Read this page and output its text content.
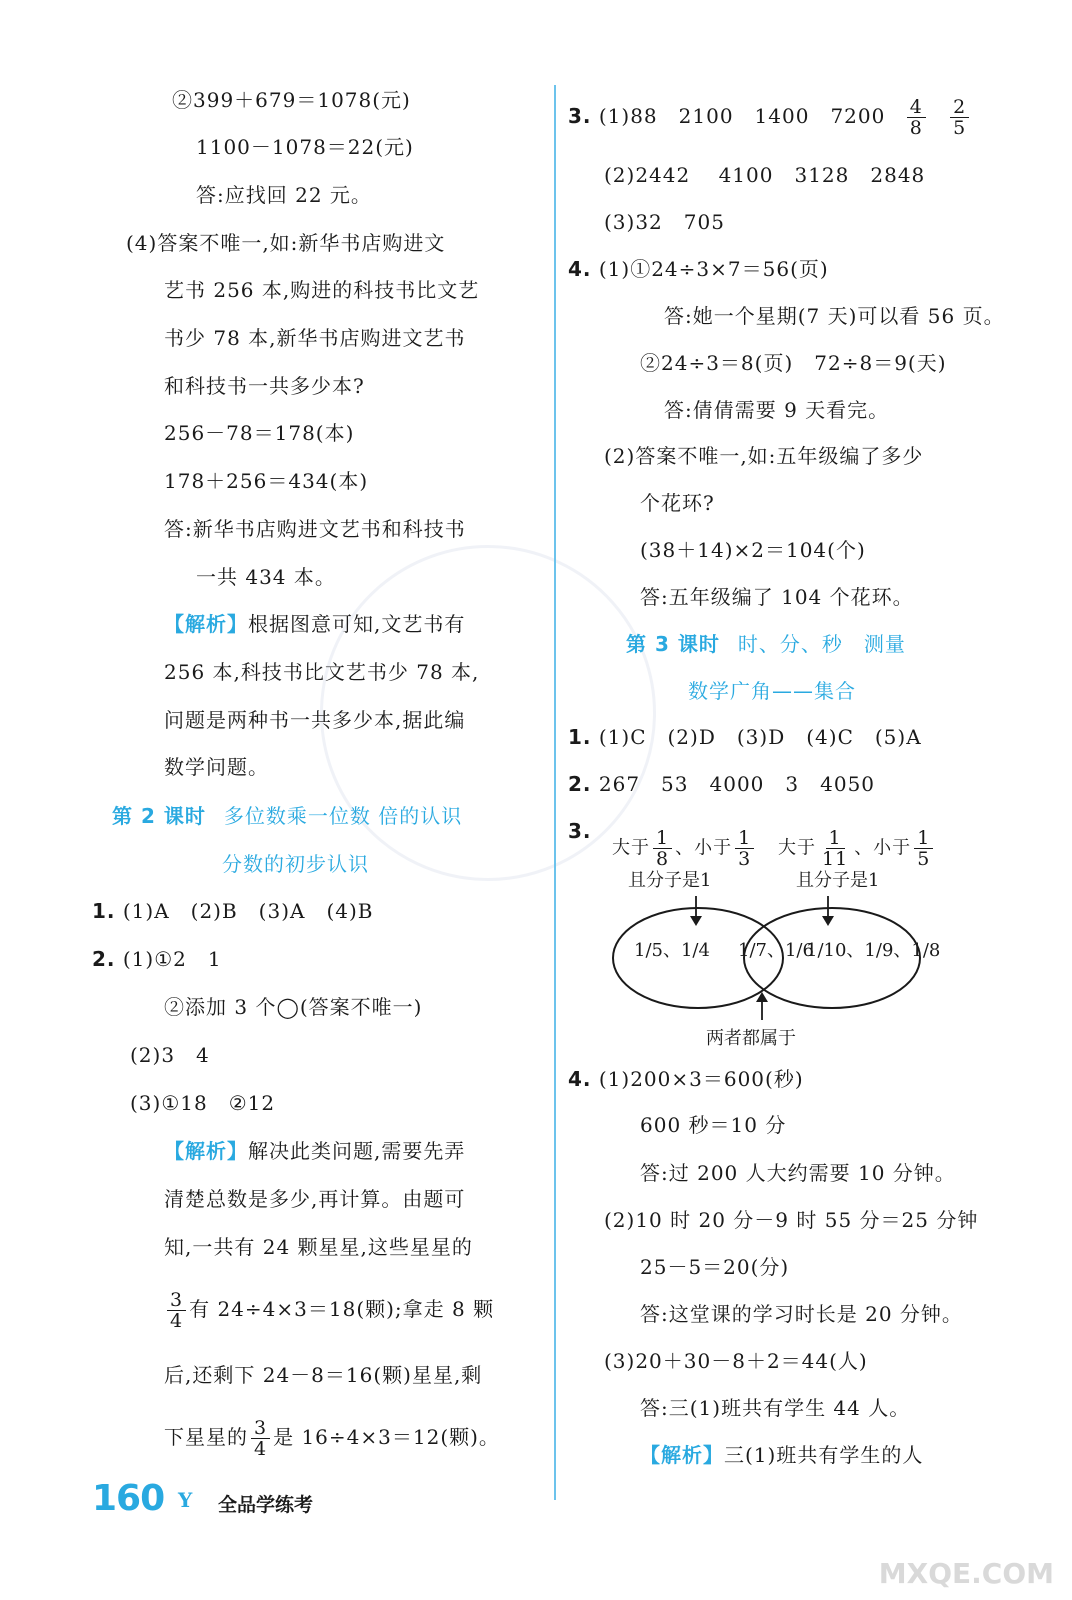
②399＋679＝1078(元)
1100－1078＝22(元)
答:应找回 22 元。
(4)答案不唯一,如:新华书店购进文
艺书 256 本,购进的科技书比文艺
书少 78 本,新华书店购进文艺书
和科技书一共多少本?
256－78＝178(本)
178＋256＝434(本)
答:新华书店购进文艺书和科技书
一共 434 本。
【解析】根据图意可知,文艺书有
256 本,科技书比文艺书少 78 本,
问题是两种书一共多少本,据此编
数学问题。
第 2 课时 多位数乘一位数 倍的认识
分数的初步认识
1. (1)A　(2)B　(3)A　(4)B
2. (1)①2　1
②添加 3 个◯(答案不唯一)
(2)3　4
(3)①18　②12
【解析】解决此类问题,需要先弄
清楚总数是多少,再计算。由题可
知,一共有 24 颗星星,这些星星的
$\frac{3}{4}$ 有 24÷4×3＝18(颗);拿走 8 颗
后,还剩下 24－8＝16(颗)星星,剩
下星星的 $\frac{3}{4}$ 是 16÷4×3＝12(颗)。
3. (1)88　2100　1400　$7200 \frac{4}{8}$
$\frac{2}{5}$
(2)2442　 4100　3128　2848
(3)32　705
4. (1)①24÷3×7＝56(页)
答:她一个星期(7 天)可以看 56 页。
②24÷3＝8(页)　72÷8＝9(天)
答:倩倩需要 9 天看完。
(2)答案不唯一,如:五年级编了多少
个花环?
(38＋14)×2＝104(个)
答:五年级编了 104 个花环。
第 3 课时 时、分、秒　测量
数学广角——集合
1. (1)C　(2)D　(3)D　(4)C　(5)A
2. 267　53　4000　3　4050
3.
大于 $\frac{1}{8}$ 、小于 $\frac{1}{3}$ 大于 $\frac{1}{11}$ 、小于 $\frac{1}{5}$
且分子是1	且分子是1
1/5、1/4 1/7、1/6
1/10、1/9、1/8
两者都属于
4. (1)200×3＝600(秒)
600 秒＝10 分
答:过 200 人大约需要 10 分钟。
(2)10 时 20 分－9 时 55 分＝25 分钟
25－5＝20(分)
答:这堂课的学习时长是 20 分钟。
(3)20＋30－8＋2＝44(人)
答:三(1)班共有学生 44 人。
【解析】三(1)班共有学生的人
160 Y 全品学练考
MXQE.COM
